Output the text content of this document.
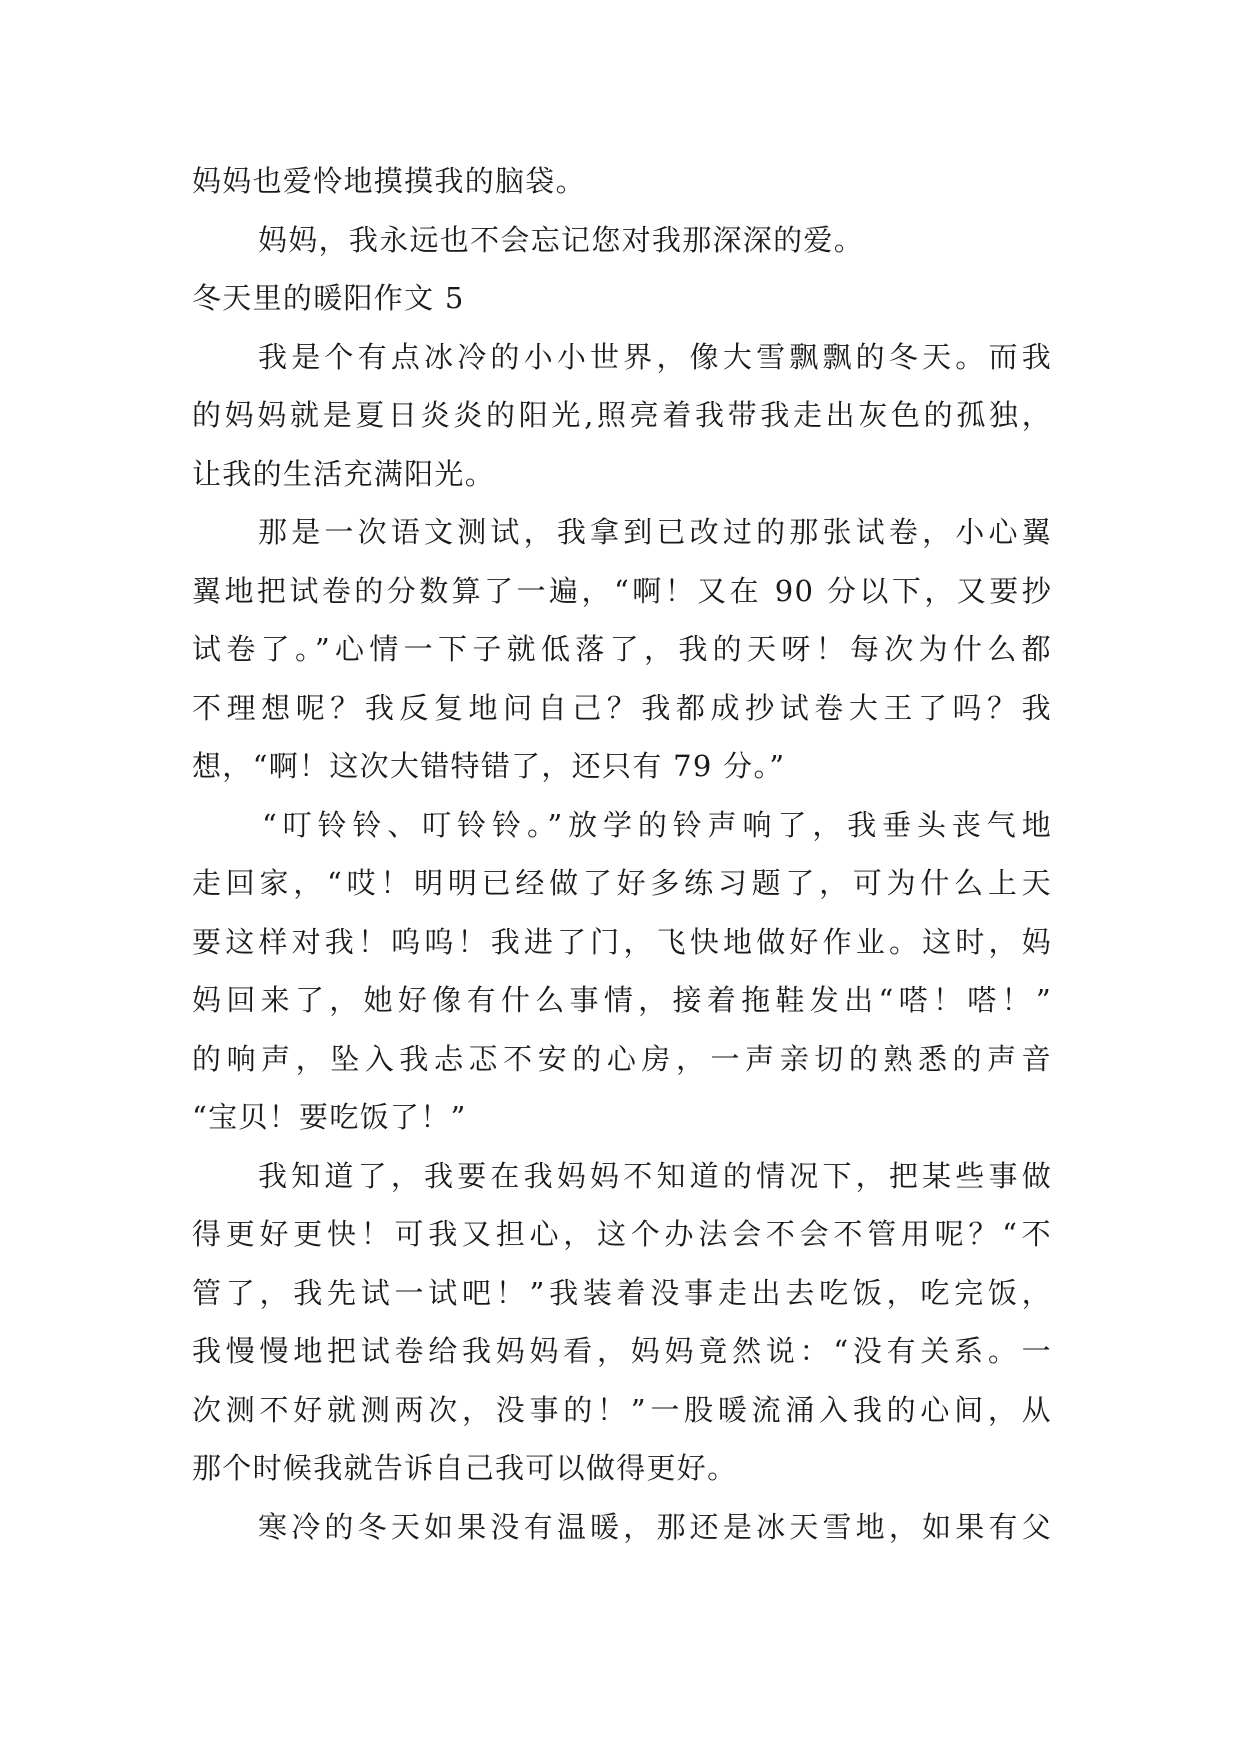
妈妈也爱怜地摸摸我的脑袋。
妈妈，我永远也不会忘记您对我那深深的爱。
冬天里的暖阳作文 5
我是个有点冰冷的小小世界，像大雪飘飘的冬天。而我
的妈妈就是夏日炎炎的阳光,照亮着我带我走出灰色的孤独，
让我的生活充满阳光。
那是一次语文测试，我拿到已改过的那张试卷，小心翼
翼地把试卷的分数算了一遍，“啊！又在 90 分以下，又要抄
试卷了。”心情一下子就低落了，我的天呀！每次为什么都
不理想呢？我反复地问自己？我都成抄试卷大王了吗？我
想，“啊！这次大错特错了，还只有 79 分。”
“叮铃铃、叮铃铃。”放学的铃声响了，我垂头丧气地
走回家，“哎！明明已经做了好多练习题了，可为什么上天
要这样对我！呜呜！我进了门，飞快地做好作业。这时，妈
妈回来了，她好像有什么事情，接着拖鞋发出“嗒！嗒！”
的响声，坠入我忐忑不安的心房，一声亲切的熟悉的声音
“宝贝！要吃饭了！”
我知道了，我要在我妈妈不知道的情况下，把某些事做
得更好更快！可我又担心，这个办法会不会不管用呢？“不
管了，我先试一试吧！”我装着没事走出去吃饭，吃完饭，
我慢慢地把试卷给我妈妈看，妈妈竟然说：“没有关系。一
次测不好就测两次，没事的！”一股暖流涌入我的心间，从
那个时候我就告诉自己我可以做得更好。
寒冷的冬天如果没有温暖，那还是冰天雪地，如果有父
